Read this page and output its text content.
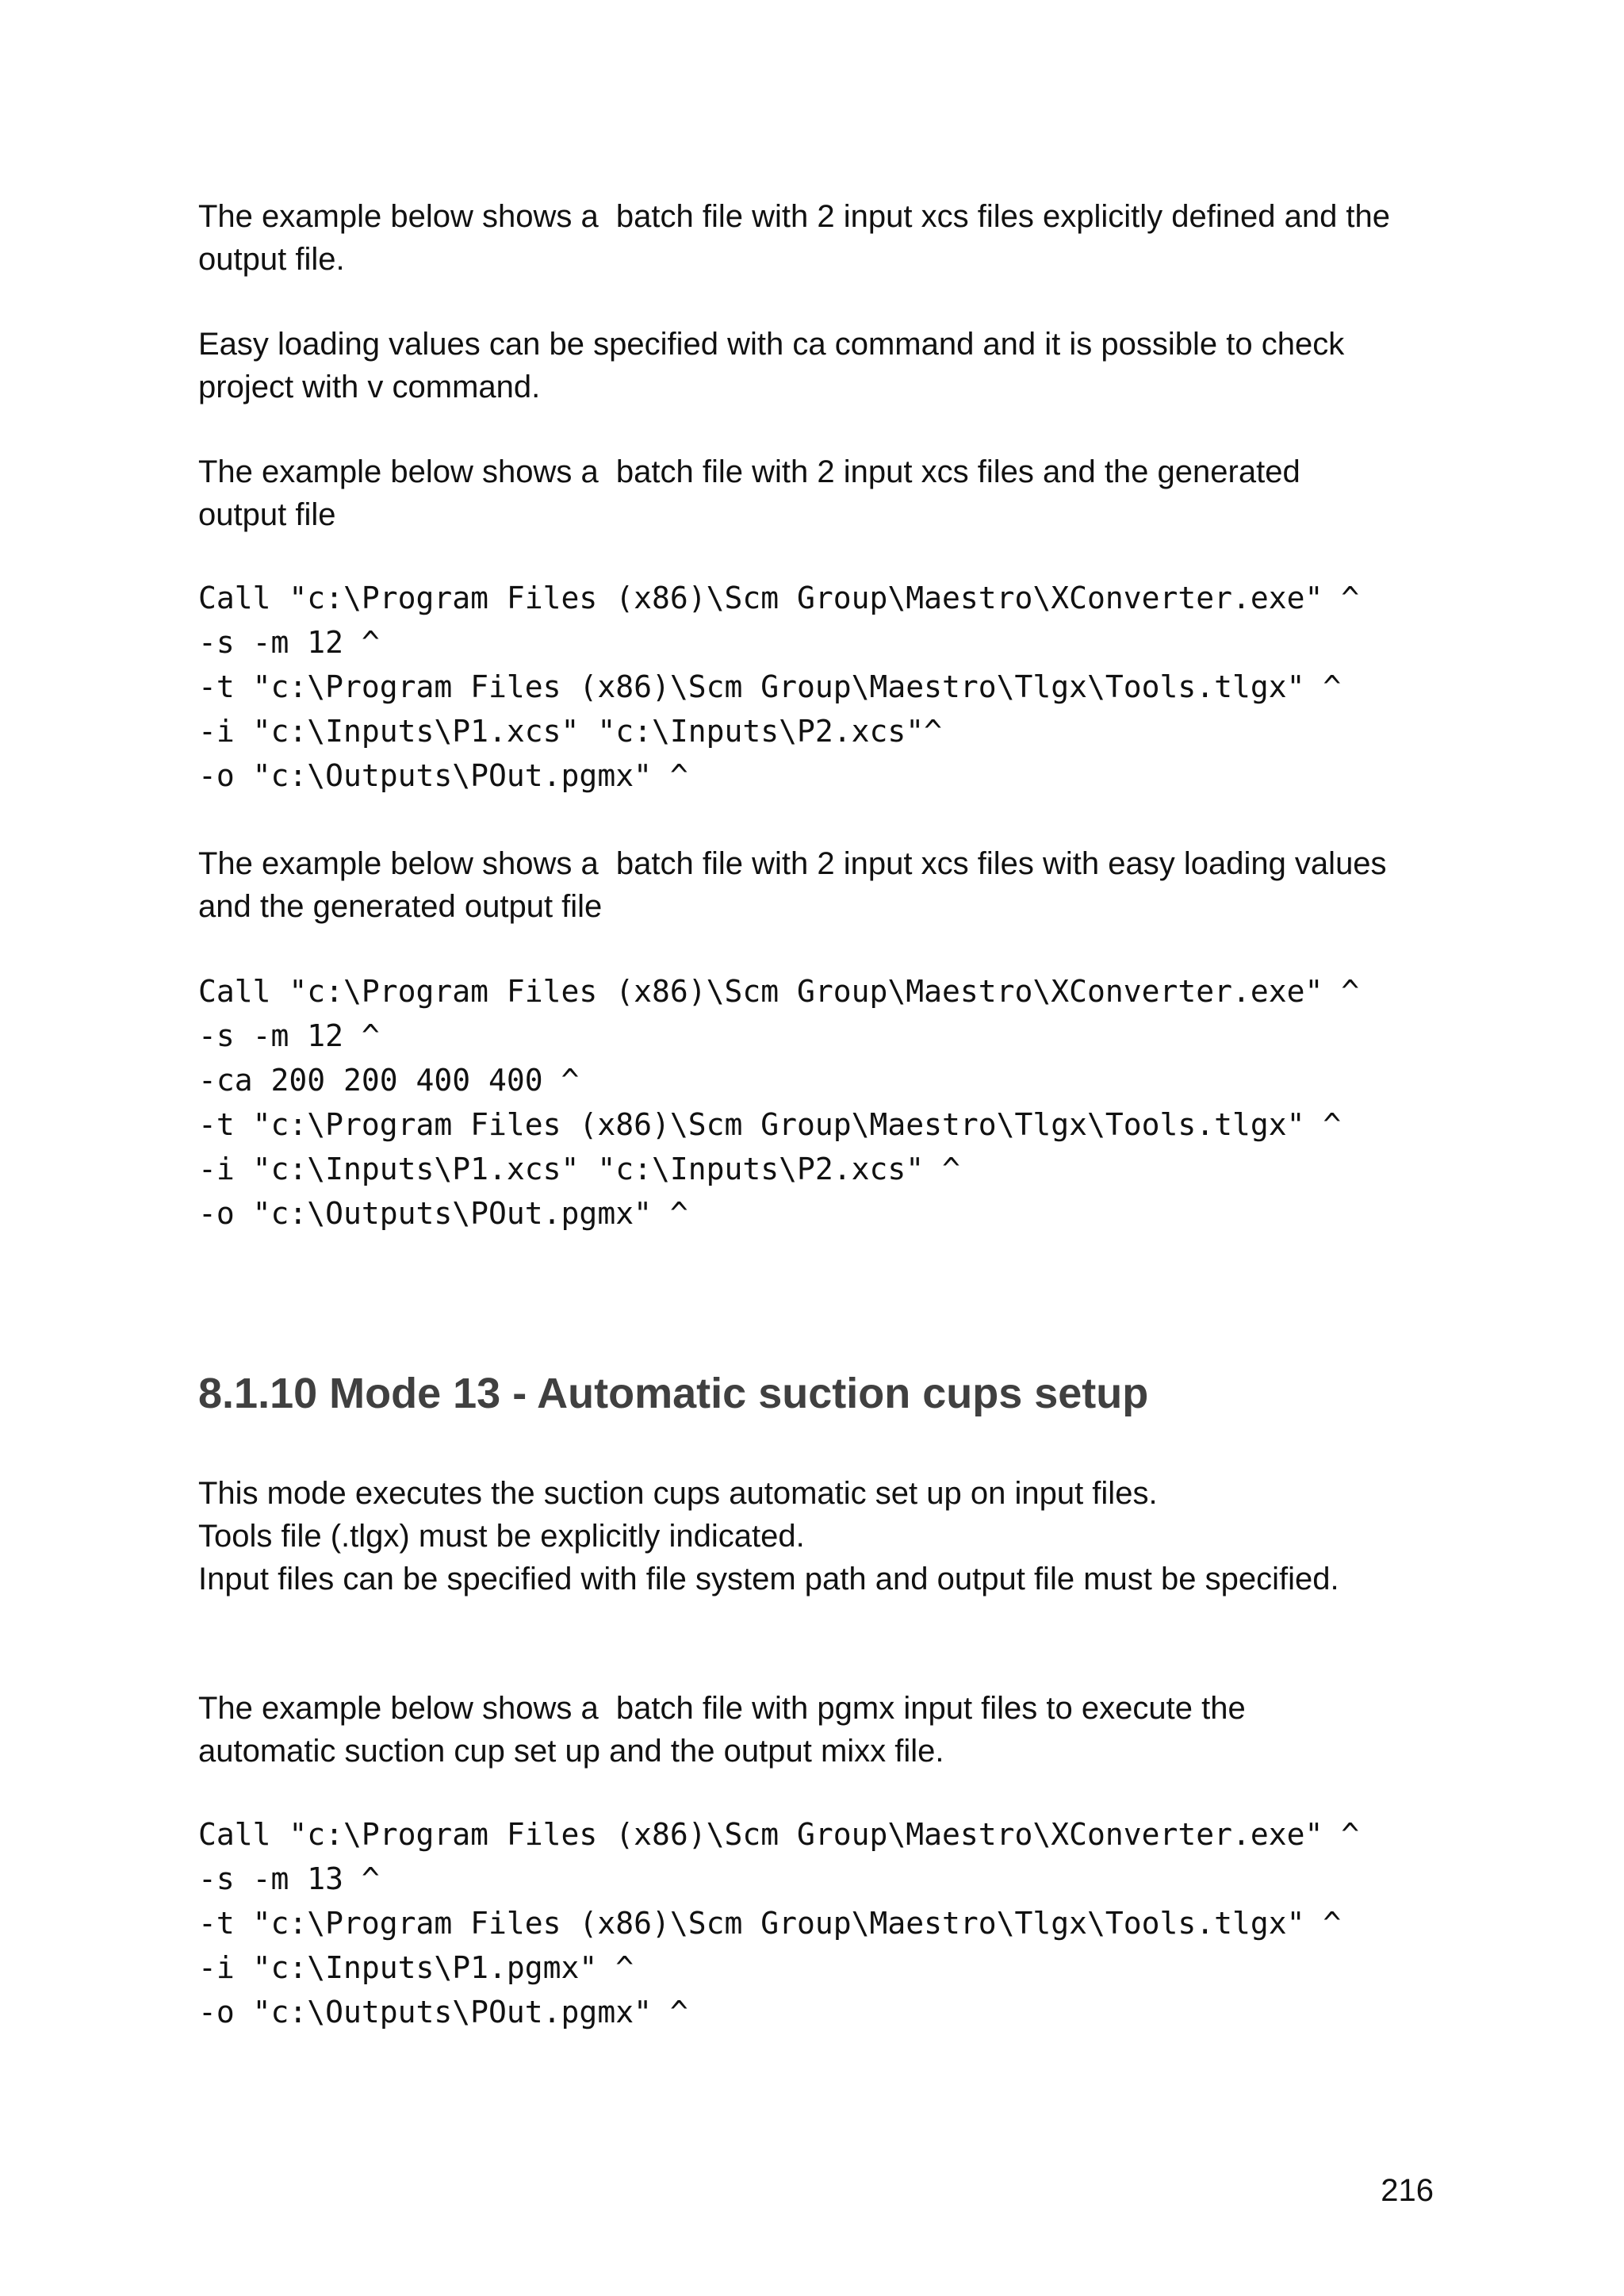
The example below shows a  batch file with 2 input xcs files explicitly defined and the
output file.
Easy loading values can be specified with ca command and it is possible to check
project with v command.
The example below shows a  batch file with 2 input xcs files and the generated
output file
Call "c:\Program Files (x86)\Scm Group\Maestro\XConverter.exe" ^
-s -m 12 ^
-t "c:\Program Files (x86)\Scm Group\Maestro\Tlgx\Tools.tlgx" ^
-i "c:\Inputs\P1.xcs" "c:\Inputs\P2.xcs"^
-o "c:\Outputs\POut.pgmx" ^
The example below shows a  batch file with 2 input xcs files with easy loading values
and the generated output file
Call "c:\Program Files (x86)\Scm Group\Maestro\XConverter.exe" ^
-s -m 12 ^
-ca 200 200 400 400 ^
-t "c:\Program Files (x86)\Scm Group\Maestro\Tlgx\Tools.tlgx" ^
-i "c:\Inputs\P1.xcs" "c:\Inputs\P2.xcs" ^
-o "c:\Outputs\POut.pgmx" ^
8.1.10 Mode 13 - Automatic suction cups setup
This mode executes the suction cups automatic set up on input files.
Tools file (.tlgx) must be explicitly indicated.
Input files can be specified with file system path and output file must be specified.
The example below shows a  batch file with pgmx input files to execute the
automatic suction cup set up and the output mixx file.
Call "c:\Program Files (x86)\Scm Group\Maestro\XConverter.exe" ^
-s -m 13 ^
-t "c:\Program Files (x86)\Scm Group\Maestro\Tlgx\Tools.tlgx" ^
-i "c:\Inputs\P1.pgmx" ^
-o "c:\Outputs\POut.pgmx" ^
216
